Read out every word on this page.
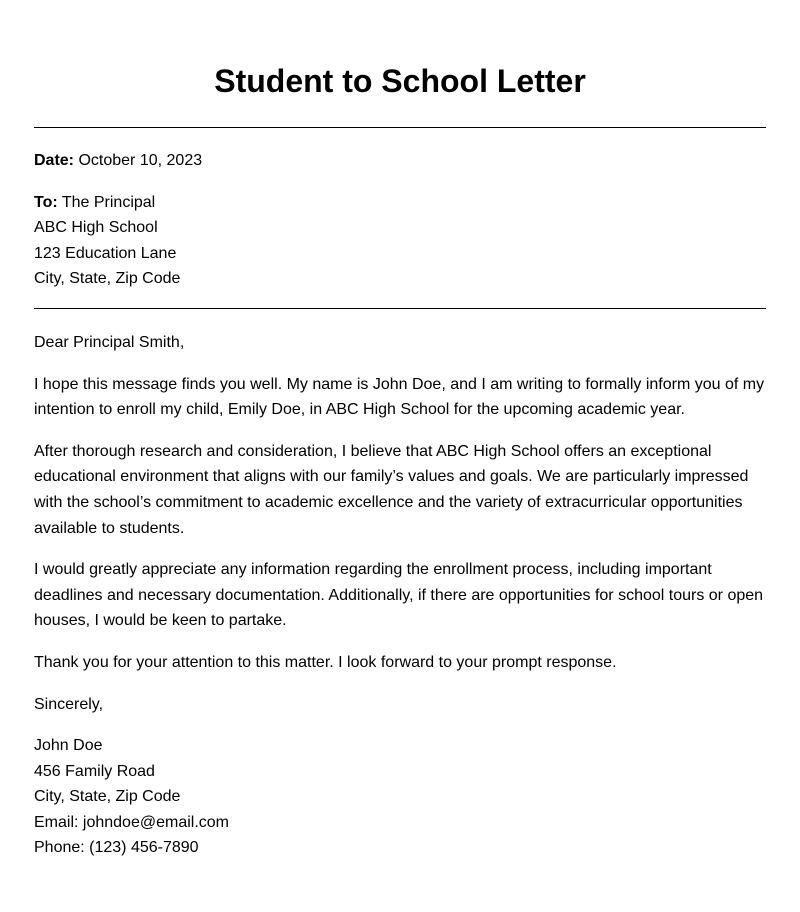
Student to School Letter
Date: October 10, 2023
To: The Principal
ABC High School
123 Education Lane
City, State, Zip Code

Dear Principal Smith,

I hope this message finds you well. My name is John Doe, and I am writing to formally inform you of my intention to enroll my child, Emily Doe, in ABC High School for the upcoming academic year.

After thorough research and consideration, I believe that ABC High School offers an exceptional educational environment that aligns with our family’s values and goals. We are particularly impressed with the school’s commitment to academic excellence and the variety of extracurricular opportunities available to students.

I would greatly appreciate any information regarding the enrollment process, including important deadlines and necessary documentation. Additionally, if there are opportunities for school tours or open houses, I would be keen to partake.

Thank you for your attention to this matter. I look forward to your prompt response.

Sincerely,

John Doe
456 Family Road
City, State, Zip Code
Email: johndoe@email.com
Phone: (123) 456-7890
